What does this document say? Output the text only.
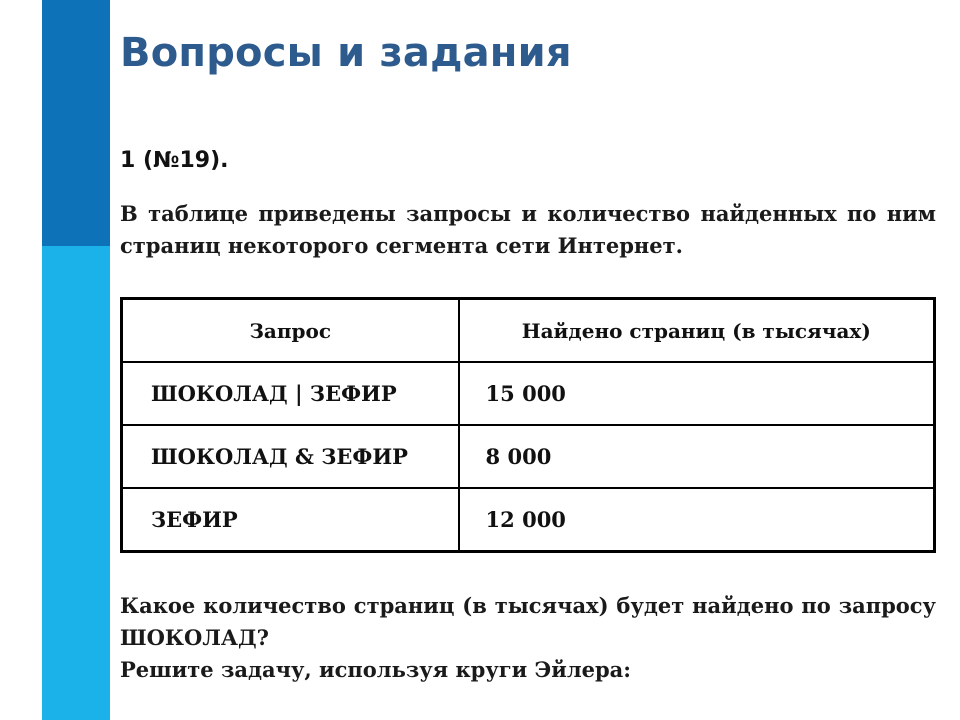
Вопросы и задания
1 (№19).
В таблице приведены запросы и количество найденных по ним страниц некоторого сегмента сети Интернет.
Запрос	Найдено страниц (в тысячах)
ШОКОЛАД | ЗЕФИР	15 000
ШОКОЛАД & ЗЕФИР	8 000
ЗЕФИР	12 000
Какое количество страниц (в тысячах) будет найдено по запросу ШОКОЛАД?
Решите задачу, используя круги Эйлера:
